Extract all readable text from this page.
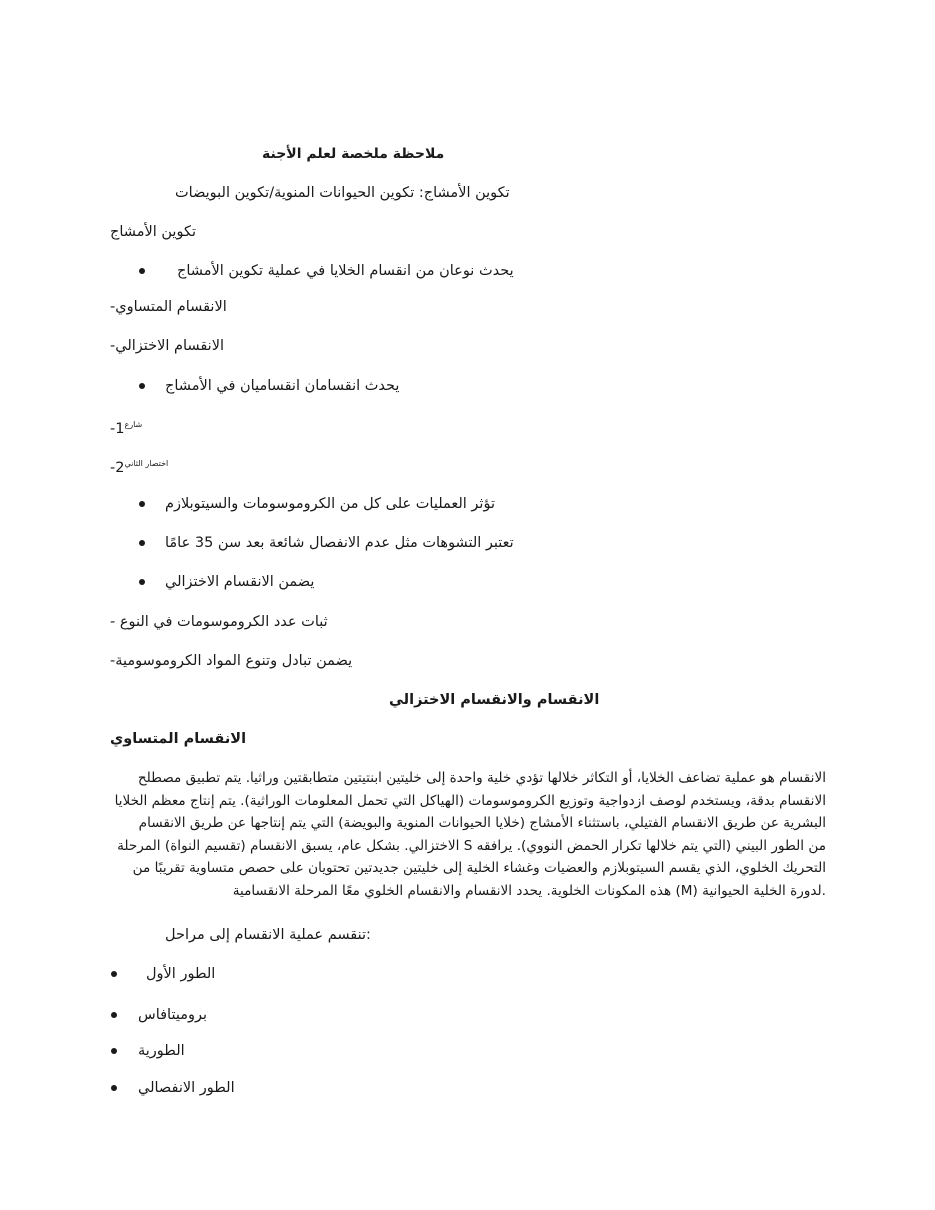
ملاحظة ملخصة لعلم الأجنة
تكوين الأمشاج: تكوين الحيوانات المنوية/تكوين البويضات
تكوين الأمشاج
يحدث نوعان من انقسام الخلايا في عملية تكوين الأمشاج
الانقسام المتساوي-
الانقسام الاختزالي-
يحدث انقسامان انقساميان في الأمشاج
$-1^{شارع}$
$-2^{اختصار الثاني}$
تؤثر العمليات على كل من الكروموسومات والسيتوبلازم
تعتبر التشوهات مثل عدم الانفصال شائعة بعد سن 35 عامًا
يضمن الانقسام الاختزالي
ثبات عدد الكروموسومات في النوع -
يضمن تبادل وتنوع المواد الكروموسومية-
الانقسام والانقسام الاختزالي
الانقسام المتساوي
الانقسام هو عملية تضاعف الخلايا، أو التكاثر خلالها تؤدي خلية واحدة إلى خليتين ابنتيتين متطابقتين وراثيا. يتم تطبيق مصطلح
الانقسام بدقة، ويستخدم لوصف ازدواجية وتوزيع الكروموسومات (الهياكل التي تحمل المعلومات الوراثية). يتم إنتاج معظم الخلايا
البشرية عن طريق الانقسام الفتيلي، باستثناء الأمشاج (خلايا الحيوانات المنوية والبويضة) التي يتم إنتاجها عن طريق الانقسام
من الطور البيني (التي يتم خلالها تكرار الحمض النووي). يرافقه S الاختزالي. بشكل عام، يسبق الانقسام (تقسيم النواة) المرحلة
التحريك الخلوي، الذي يقسم السيتوبلازم والعضيات وغشاء الخلية إلى خليتين جديدتين تحتويان على حصص متساوية تقريبًا من
.لدورة الخلية الحيوانية (M) هذه المكونات الخلوية. يحدد الانقسام والانقسام الخلوي معًا المرحلة الانقسامية
:تنقسم عملية الانقسام إلى مراحل
الطور الأول
بروميتافاس
الطورية
الطور الانفصالي
